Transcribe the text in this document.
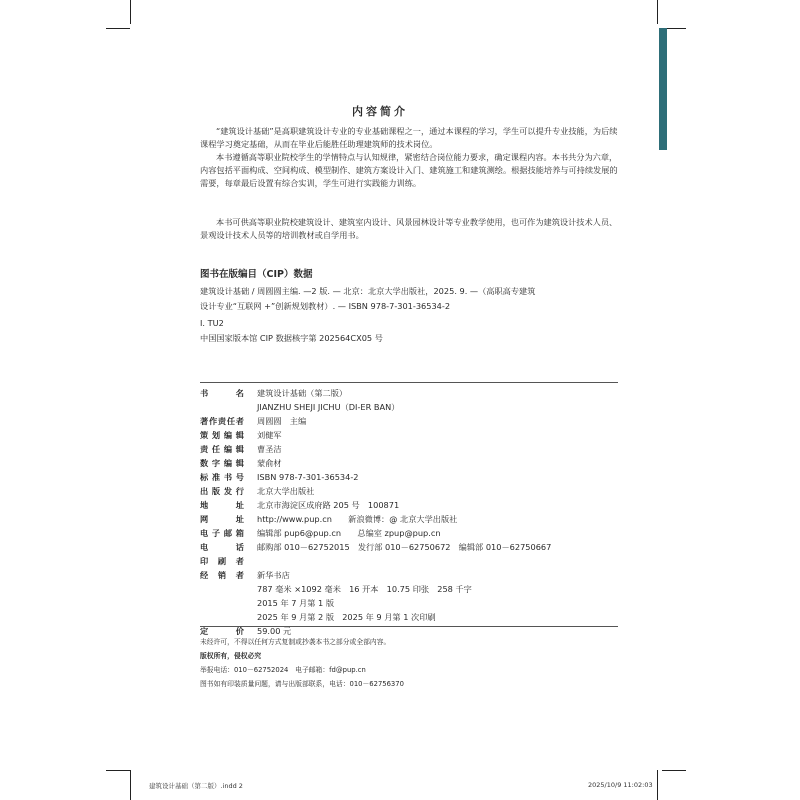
内容简介
“建筑设计基础”是高职建筑设计专业的专业基础课程之一，通过本课程的学习，学生可以提升专业技能，为后续课程学习奠定基础，从而在毕业后能胜任助理建筑师的技术岗位。
本书遵循高等职业院校学生的学情特点与认知规律，紧密结合岗位能力要求，确定课程内容。本书共分为六章，内容包括平面构成、空间构成、模型制作、建筑方案设计入门、建筑施工和建筑测绘。根据技能培养与可持续发展的需要，每章最后设置有综合实训，学生可进行实践能力训练。
本书可供高等职业院校建筑设计、建筑室内设计、风景园林设计等专业教学使用，也可作为建筑设计技术人员、景观设计技术人员等的培训教材或自学用书。
图书在版编目（CIP）数据
建筑设计基础 / 周圆圆主编. —2 版. — 北京：北京大学出版社，2025. 9. —（高职高专建筑
设计专业“互联网 +”创新规划教材）. — ISBN 978-7-301-36534-2
Ⅰ. TU2
中国国家版本馆 CIP 数据核字第 202564CX05 号
书名 建筑设计基础（第二版）
JIANZHU SHEJI JICHU（DI-ER BAN）
著作责任者 周圆圆　主编
策划编辑 刘健军
责任编辑 曹圣洁
数字编辑 蒙俞材
标准书号 ISBN 978-7-301-36534-2
出版发行 北京大学出版社
地址 北京市海淀区成府路 205 号　100871
网址 http://www.pup.cn　　新浪微博：@ 北京大学出版社
电子邮箱 编辑部 pup6@pup.cn　　总编室 zpup@pup.cn
电话 邮购部 010－62752015　发行部 010－62750672　编辑部 010－62750667
印刷者
经销者 新华书店
787 毫米 ×1092 毫米　16 开本　10.75 印张　258 千字
2015 年 7 月第 1 版
2025 年 9 月第 2 版　2025 年 9 月第 1 次印刷
定价 59.00 元
未经许可，不得以任何方式复制或抄袭本书之部分或全部内容。
版权所有，侵权必究
举报电话：010－62752024　电子邮箱：fd@pup.cn
图书如有印装质量问题，请与出版部联系，电话：010－62756370
建筑设计基础（第二版）.indd 2	2025/10/9 11:02:03
